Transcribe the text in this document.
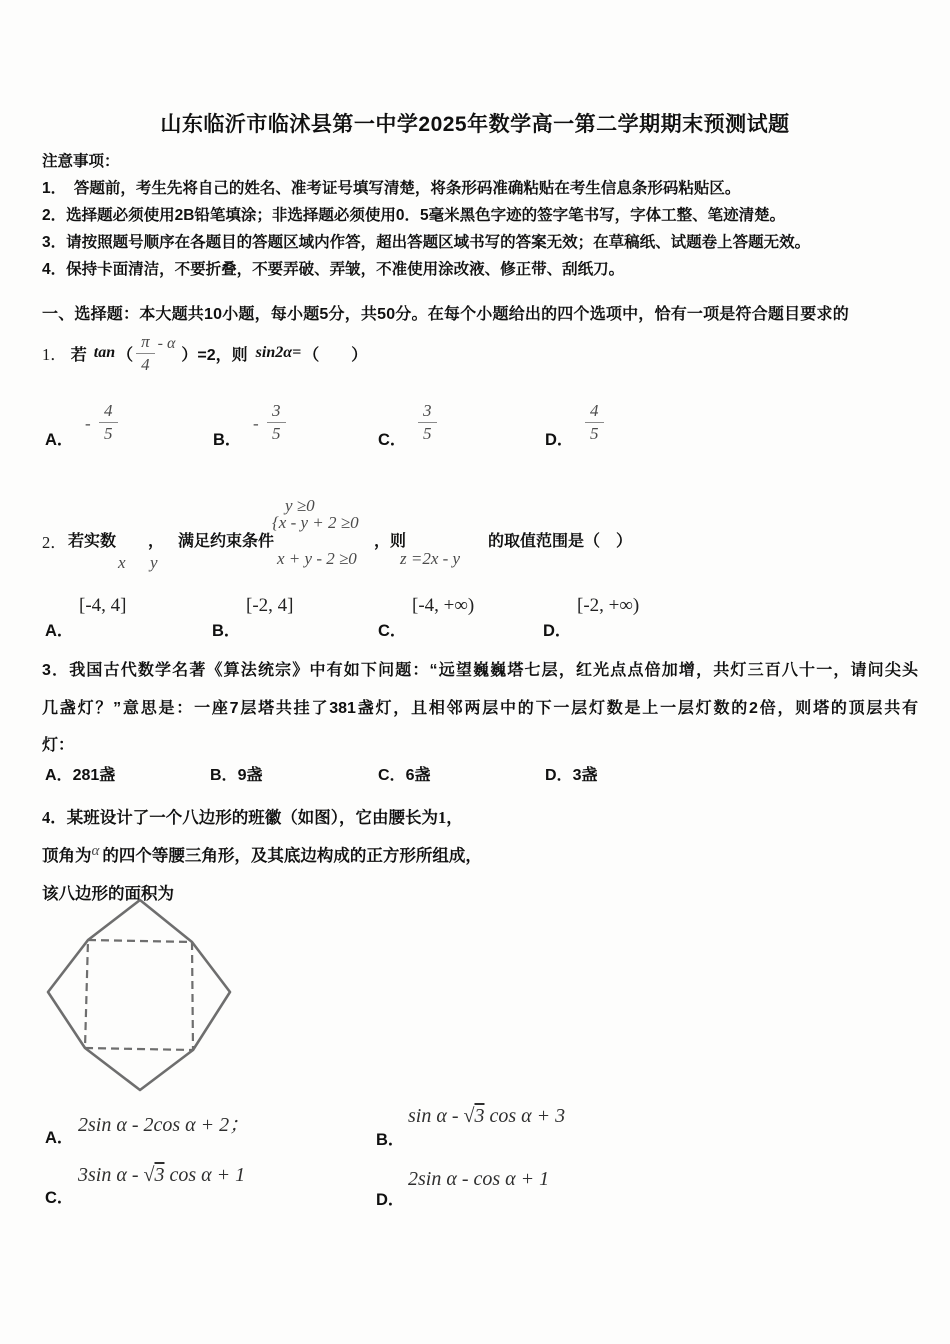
山东临沂市临沭县第一中学2025年数学高一第二学期期末预测试题
注意事项：
1．　答题前，考生先将自己的姓名、准考证号填写清楚，将条形码准确粘贴在考生信息条形码粘贴区。
2．选择题必须使用2B铅笔填涂；非选择题必须使用0．5毫米黑色字迹的签字笔书写，字体工整、笔迹清楚。
3．请按照题号顺序在各题目的答题区域内作答，超出答题区域书写的答案无效；在草稿纸、试题卷上答题无效。
4．保持卡面清洁，不要折叠，不要弄破、弄皱，不准使用涂改液、修正带、刮纸刀。
一、选择题：本大题共10小题，每小题5分，共50分。在每个小题给出的四个选项中，恰有一项是符合题目要求的
1． 若 tan （ $\frac{\pi}{4}$ - α
）=2，则 sin2α= （　　）
A．
- $\frac{4}{5}$	B．
- $\frac{3}{5}$	C． $\frac{3}{5}$	D． $\frac{4}{5}$
y ≥0
2． 若实数 ， 满足约束条件
{x - y + 2 ≥0
，则	的取值范围是（　）
x y	x + y - 2 ≥0	z =2x - y
A．
[-4, 4]
B．
[-2, 4]
C．
[-4, +∞)
D．
[-2, +∞)
3．我国古代数学名著《算法统宗》中有如下问题：“远望巍巍塔七层，红光点点倍加增，共灯三百八十一，请问尖头
几盏灯？”意思是：一座7层塔共挂了381盏灯，且相邻两层中的下一层灯数是上一层灯数的2倍，则塔的顶层共有
灯：
A．281盏	B．9盏	C．6盏	D．3盏
4．某班设计了一个八边形的班徽（如图），它由腰长为1，
顶角为α 的四个等腰三角形，及其底边构成的正方形所组成，
该八边形的面积为
A．
2sin α - 2cos α + 2；
B．
sin α - √3 cos α + 3
C．
3sin α - √3 cos α + 1
D．
2sin α - cos α + 1
